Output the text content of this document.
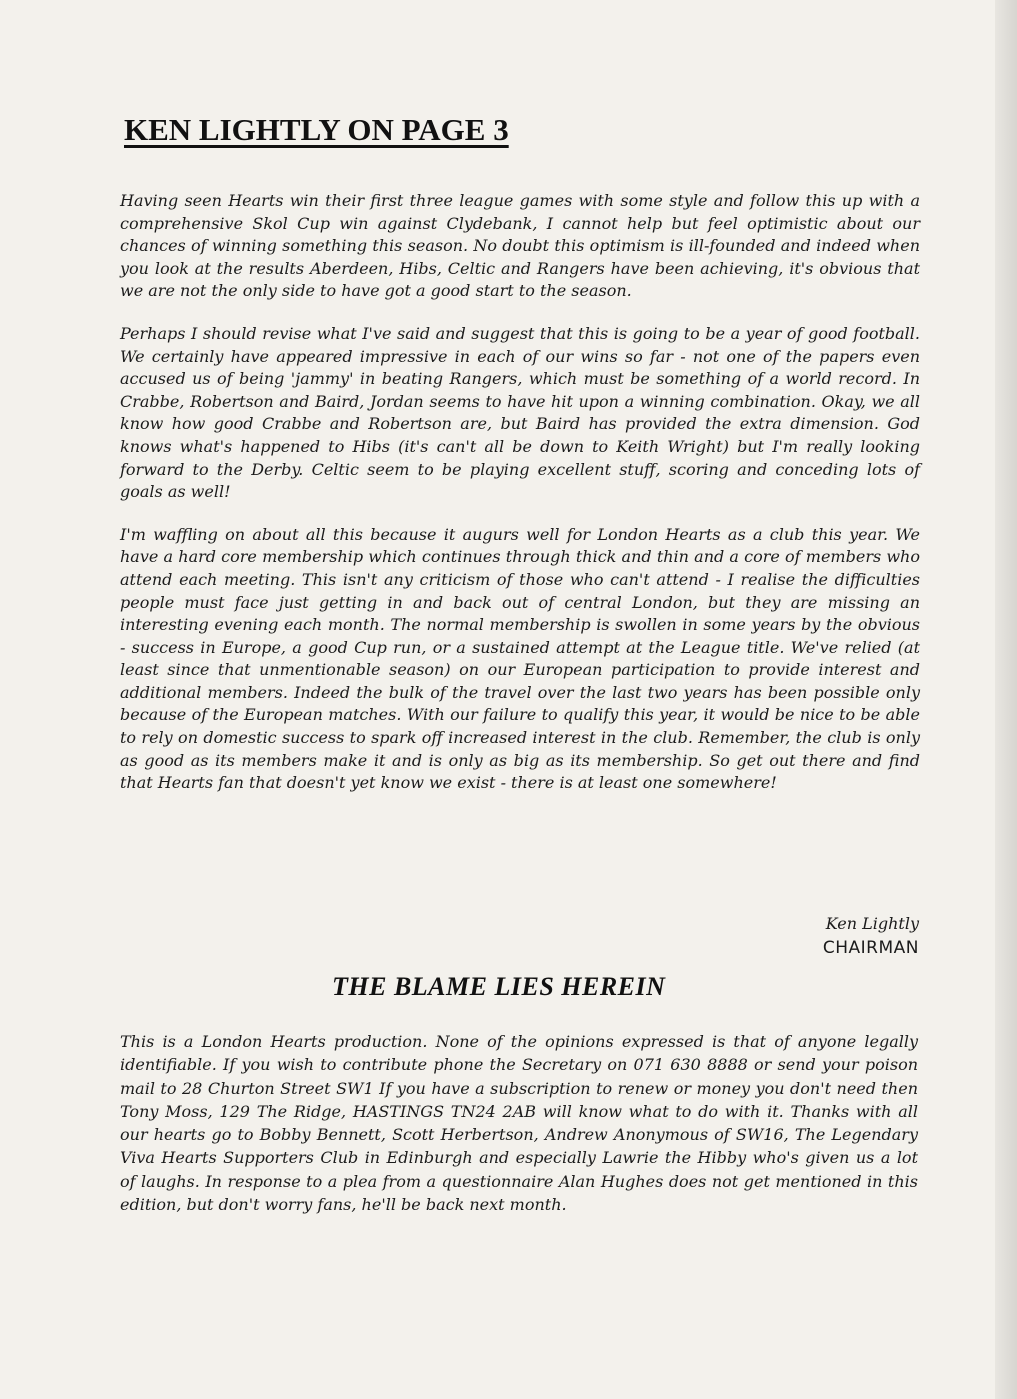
KEN LIGHTLY ON PAGE 3

Having seen Hearts win their first three league games with some style and follow this up with a comprehensive Skol Cup win against Clydebank, I cannot help but feel optimistic about our chances of winning something this season. No doubt this optimism is ill-founded and indeed when you look at the results Aberdeen, Hibs, Celtic and Rangers have been achieving, it's obvious that we are not the only side to have got a good start to the season.

Perhaps I should revise what I've said and suggest that this is going to be a year of good football. We certainly have appeared impressive in each of our wins so far - not one of the papers even accused us of being 'jammy' in beating Rangers, which must be something of a world record. In Crabbe, Robertson and Baird, Jordan seems to have hit upon a winning combination. Okay, we all know how good Crabbe and Robertson are, but Baird has provided the extra dimension. God knows what's happened to Hibs (it's can't all be down to Keith Wright) but I'm really looking forward to the Derby. Celtic seem to be playing excellent stuff, scoring and conceding lots of goals as well!

I'm waffling on about all this because it augurs well for London Hearts as a club this year. We have a hard core membership which continues through thick and thin and a core of members who attend each meeting. This isn't any criticism of those who can't attend - I realise the difficulties people must face just getting in and back out of central London, but they are missing an interesting evening each month. The normal membership is swollen in some years by the obvious - success in Europe, a good Cup run, or a sustained attempt at the League title. We've relied (at least since that unmentionable season) on our European participation to provide interest and additional members. Indeed the bulk of the travel over the last two years has been possible only because of the European matches. With our failure to qualify this year, it would be nice to be able to rely on domestic success to spark off increased interest in the club. Remember, the club is only as good as its members make it and is only as big as its membership. So get out there and find that Hearts fan that doesn't yet know we exist - there is at least one somewhere!

Ken Lightly
CHAIRMAN
THE BLAME LIES HEREIN

This is a London Hearts production. None of the opinions expressed is that of anyone legally identifiable. If you wish to contribute phone the Secretary on 071 630 8888 or send your poison mail to 28 Churton Street SW1 If you have a subscription to renew or money you don't need then Tony Moss, 129 The Ridge, HASTINGS TN24 2AB will know what to do with it. Thanks with all our hearts go to Bobby Bennett, Scott Herbertson, Andrew Anonymous of SW16, The Legendary Viva Hearts Supporters Club in Edinburgh and especially Lawrie the Hibby who's given us a lot of laughs. In response to a plea from a questionnaire Alan Hughes does not get mentioned in this edition, but don't worry fans, he'll be back next month.
